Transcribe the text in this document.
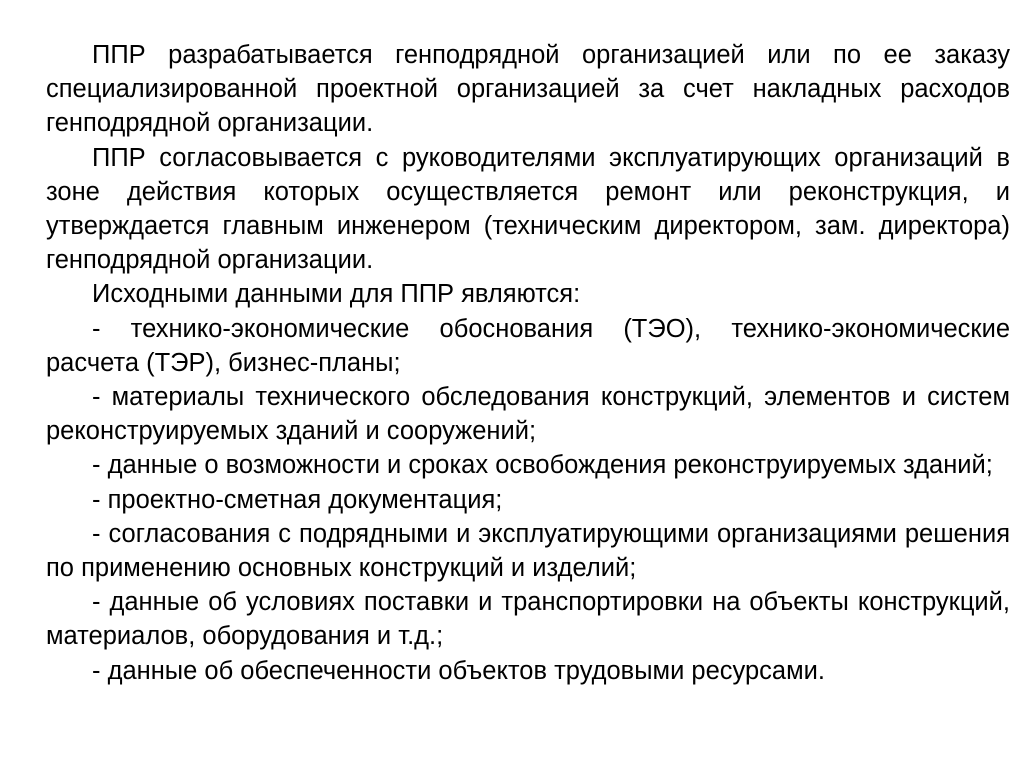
ППР разрабатывается генподрядной организацией или по ее заказу специализированной проектной организацией за счет накладных расходов генподрядной организации.

ППР согласовывается с руководителями эксплуатирующих организаций в зоне действия которых осуществляется ремонт или реконструкция, и утверждается главным инженером (техническим директором, зам. директора) генподрядной организации.

Исходными данными для ППР являются:

- технико-экономические обоснования (ТЭО), технико-экономические расчета (ТЭР), бизнес-планы;

- материалы технического обследования конструкций, элементов и систем реконструируемых зданий и сооружений;

- данные о возможности и сроках освобождения реконструируемых зданий;

- проектно-сметная документация;

- согласования с подрядными и эксплуатирующими организациями решения по применению основных конструкций и изделий;

- данные об условиях поставки и транспортировки на объекты конструкций, материалов, оборудования и т.д.;

- данные об обеспеченности объектов трудовыми ресурсами.
